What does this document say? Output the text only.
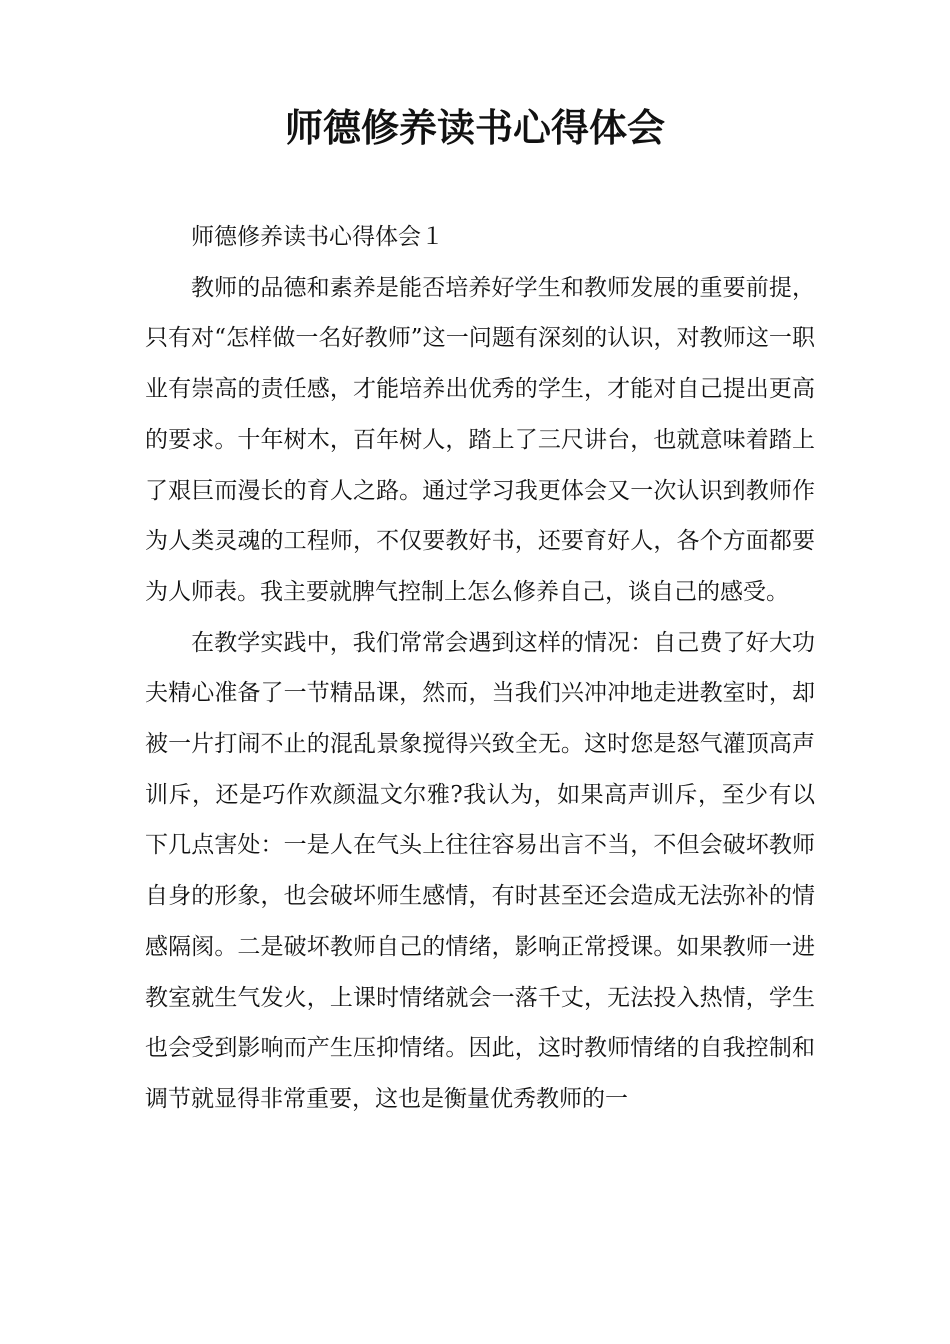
师德修养读书心得体会

师德修养读书心得体会１

教师的品德和素养是能否培养好学生和教师发展的重要前提，只有对“怎样做一名好教师”这一问题有深刻的认识，对教师这一职业有崇高的责任感，才能培养出优秀的学生，才能对自己提出更高的要求。十年树木，百年树人，踏上了三尺讲台，也就意味着踏上了艰巨而漫长的育人之路。通过学习我更体会又一次认识到教师作为人类灵魂的工程师，不仅要教好书，还要育好人，各个方面都要为人师表。我主要就脾气控制上怎么修养自己，谈自己的感受。

在教学实践中，我们常常会遇到这样的情况：自己费了好大功夫精心准备了一节精品课，然而，当我们兴冲冲地走进教室时，却被一片打闹不止的混乱景象搅得兴致全无。这时您是怒气灌顶高声训斥，还是巧作欢颜温文尔雅?我认为，如果高声训斥，至少有以下几点害处：一是人在气头上往往容易出言不当，不但会破坏教师自身的形象，也会破坏师生感情，有时甚至还会造成无法弥补的情感隔阂。二是破坏教师自己的情绪，影响正常授课。如果教师一进教室就生气发火，上课时情绪就会一落千丈，无法投入热情，学生也会受到影响而产生压抑情绪。因此，这时教师情绪的自我控制和调节就显得非常重要，这也是衡量优秀教师的一
